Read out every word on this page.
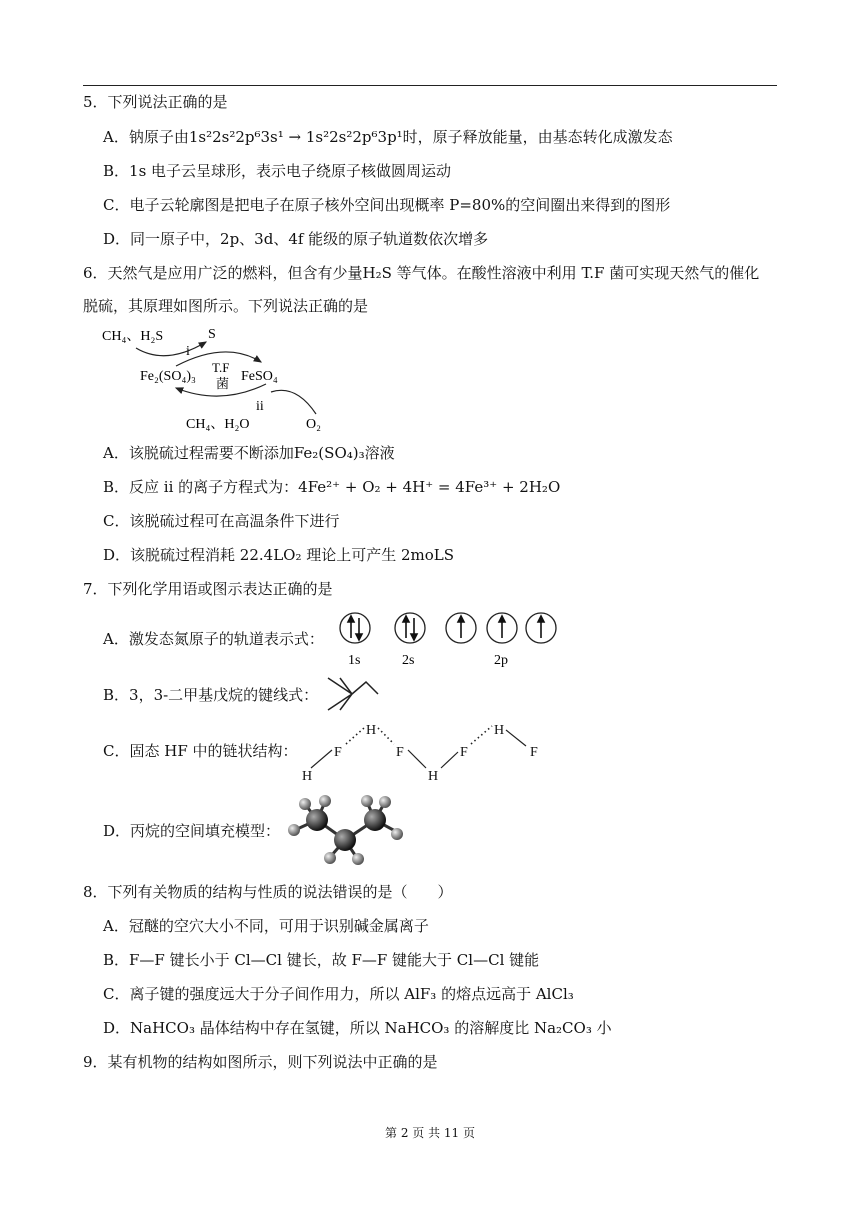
5．下列说法正确的是
A．钠原子由1s²2s²2p⁶3s¹ → 1s²2s²2p⁶3p¹时，原子释放能量，由基态转化成激发态
B．1s 电子云呈球形，表示电子绕原子核做圆周运动
C．电子云轮廓图是把电子在原子核外空间出现概率 P=80%的空间圈出来得到的图形
D．同一原子中，2p、3d、4f 能级的原子轨道数依次增多
6．天然气是应用广泛的燃料，但含有少量H₂S 等气体。在酸性溶液中利用 T.F 菌可实现天然气的催化
脱硫，其原理如图所示。下列说法正确的是
CH₄、H₂S	S
i
Fe₂(SO₄)₃
T.F
菌 FeSO₄
ii
CH₄、H₂O	O₂
A．该脱硫过程需要不断添加Fe₂(SO₄)₃溶液
B．反应 ii 的离子方程式为：4Fe²⁺ + O₂ + 4H⁺ = 4Fe³⁺ + 2H₂O
C．该脱硫过程可在高温条件下进行
D．该脱硫过程消耗 22.4LO₂ 理论上可产生 2moLS
7．下列化学用语或图示表达正确的是
A．激发态氮原子的轨道表示式：
1s	2s	2p
B．3，3-二甲基戊烷的键线式：
C．固态 HF 中的链状结构：
H
F
H
F
H
F
H
F
D．丙烷的空间填充模型：
8．下列有关物质的结构与性质的说法错误的是（　　）
A．冠醚的空穴大小不同，可用于识别碱金属离子
B．F—F 键长小于 Cl—Cl 键长，故 F—F 键能大于 Cl—Cl 键能
C．离子键的强度远大于分子间作用力，所以 AlF₃ 的熔点远高于 AlCl₃
D．NaHCO₃ 晶体结构中存在氢键，所以 NaHCO₃ 的溶解度比 Na₂CO₃ 小
9．某有机物的结构如图所示，则下列说法中正确的是
第 2 页 共 11 页
